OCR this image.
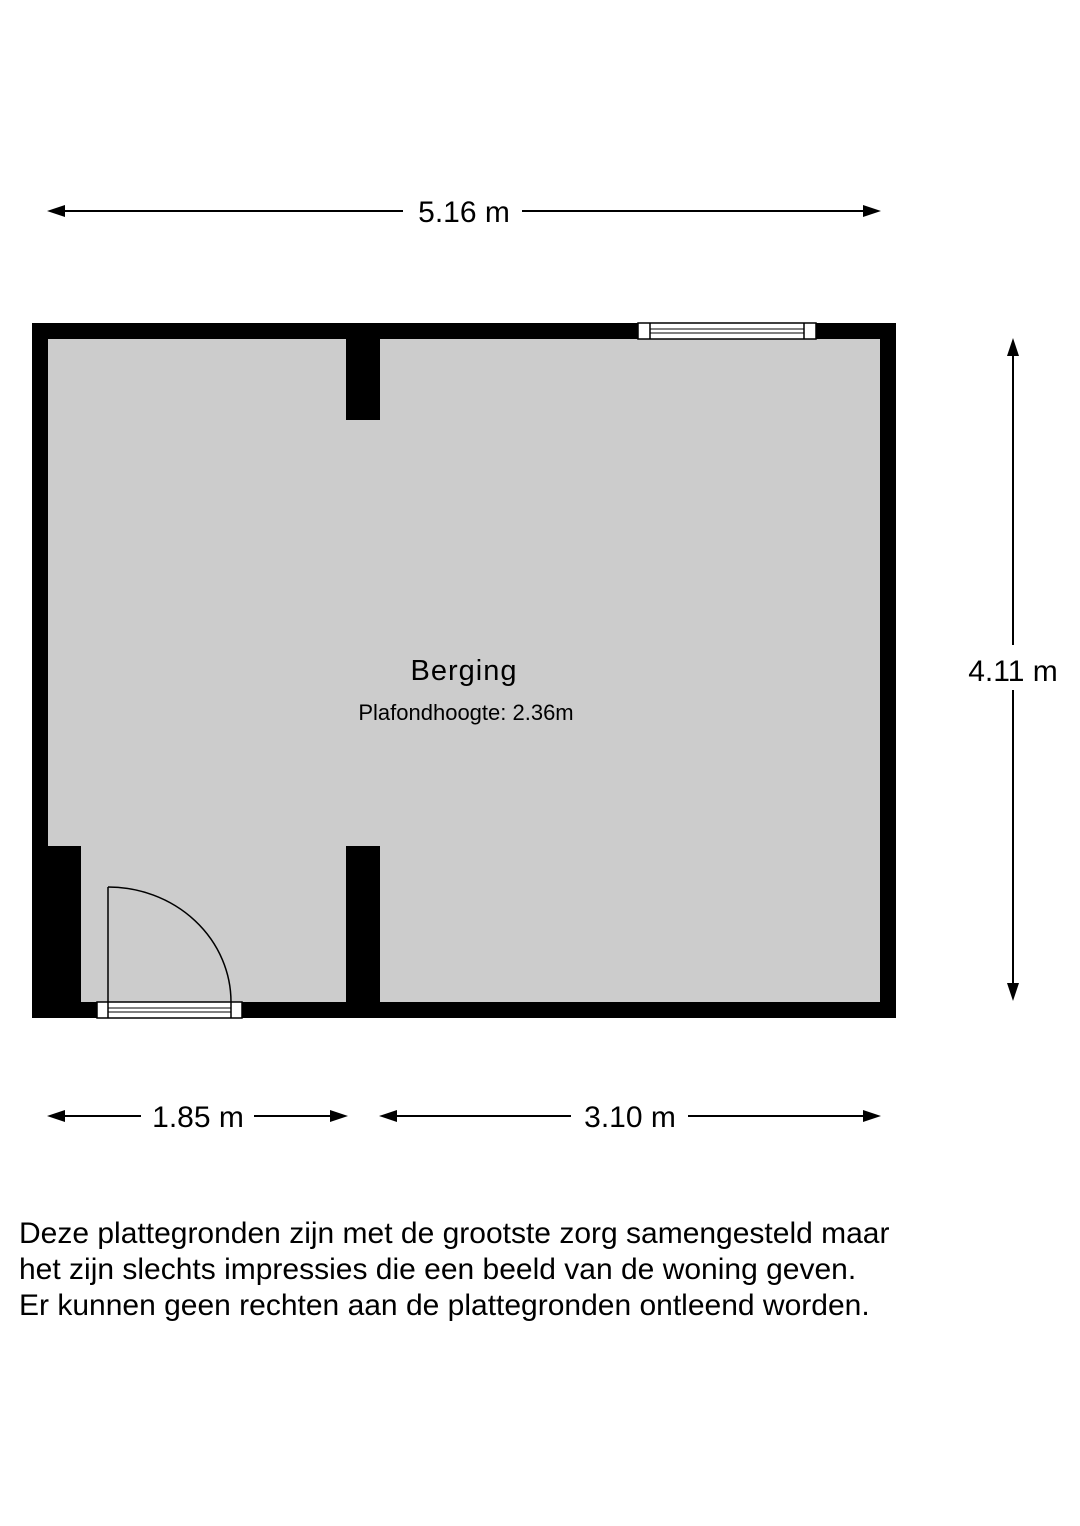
5.16 m
4.11 m
Berging
Plafondhoogte: 2.36m
1.85 m	3.10 m

Deze plattegronden zijn met de grootste zorg samengesteld maar
het zijn slechts impressies die een beeld van de woning geven.
Er kunnen geen rechten aan de plattegronden ontleend worden.
